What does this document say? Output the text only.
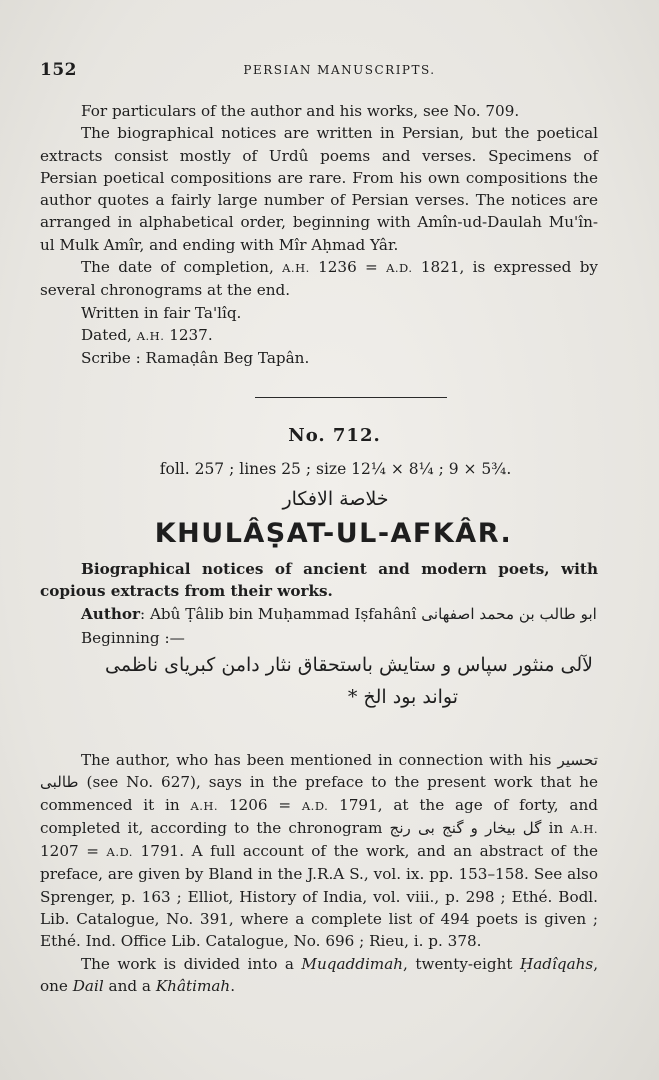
152	PERSIAN MANUSCRIPTS.

For particulars of the author and his works, see No. 709.

The biographical notices are written in Persian, but the poetical extracts consist mostly of Urdû poems and verses. Specimens of Persian poetical compositions are rare. From his own compositions the author quotes a fairly large number of Persian verses. The notices are arranged in alphabetical order, beginning with Amîn-ud-Daulah Mu'în-ul Mulk Amîr, and ending with Mîr Aḥmad Yâr.

The date of completion, A.H. 1236 = A.D. 1821, is expressed by several chronograms at the end.

Written in fair Ta'lîq.

Dated, A.H. 1237.

Scribe : Ramaḍân Beg Tapân.

No. 712.
foll. 257 ; lines 25 ; size 12¼ × 8¼ ; 9 × 5¾.
خلاصة الافكار
KHULÂṢAT-UL-AFKÂR.

Biographical notices of ancient and modern poets, with copious extracts from their works.

Author: Abû Ṭâlib bin Muḥammad Iṣfahânî	ابو طالب بن محمد اصفهانی

Beginning :—

لآلی منثور سپاس و ستایش باستحقاق نثار دامن کبریای ناظمی
تواند بود الخ *

The author, who has been mentioned in connection with his تحسیر طالبی (see No. 627), says in the preface to the present work that he commenced it in A.H. 1206 = A.D. 1791, at the age of forty, and completed it, according to the chronogram گل بیخار و گنج بی رنج in A.H. 1207 = A.D. 1791. A full account of the work, and an abstract of the preface, are given by Bland in the J.R.A S., vol. ix. pp. 153–158. See also Sprenger, p. 163 ; Elliot, History of India, vol. viii., p. 298 ; Ethé. Bodl. Lib. Catalogue, No. 391, where a complete list of 494 poets is given ; Ethé. Ind. Office Lib. Catalogue, No. 696 ; Rieu, i. p. 378.

The work is divided into a Muqaddimah, twenty-eight Ḥadîqahs, one Dail and a Khâtimah.
